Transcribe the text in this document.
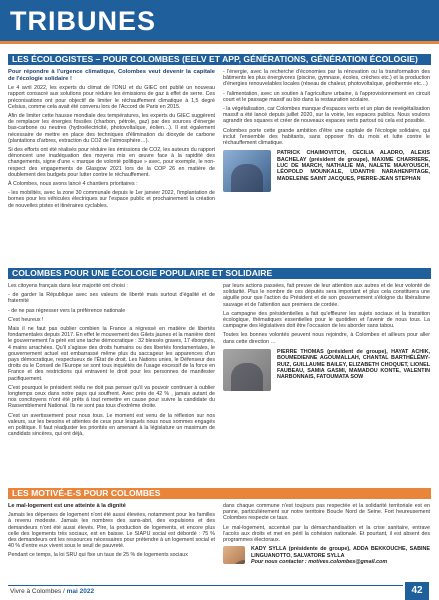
TRIBUNES
LES ÉCOLOGISTES – POUR COLOMBES (EELV ET APP, GÉNÉRATIONS, GÉNÉRATION ÉCOLOGIE)

Pour répondre à l'urgence climatique, Colombes veut devenir la capitale de l'écologie solidaire !

Le 4 avril 2022, les experts du climat de l'ONU et du GIEC ont publié un nouveau rapport consacré aux solutions pour réduire les émissions de gaz à effet de serre. Ces préconisations ont pour objectif de limiter le réchauffement climatique à 1,5 degré Celsius, comme cela avait été convenu lors de l'Accord de Paris en 2015.

Afin de limiter cette hausse mondiale des températures, les experts du GIEC suggèrent de remplacer les énergies fossiles (charbon, pétrole, gaz) par des sources d'énergie bas-carbone ou neutres (hydroélectricité, photovoltaïque, éolien…). Il est également nécessaire de mettre en place des techniques d'élimination du dioxyde de carbone (plantations d'arbres, extraction du CO2 de l'atmosphère…).

Si des efforts ont été réalisés pour réduire les émissions de CO2, les auteurs du rapport dénoncent une inadéquation des moyens mis en œuvre face à la rapidité des changements, signe d'une « marque de volonté politique » avec, pour exemple, le non-respect des engagements de Glasgow 2021 lors de la COP 26 en matière de doublement des budgets pour lutter contre le réchauffement.

À Colombes, nous avons lancé 4 chantiers prioritaires :

- les mobilités, avec la zone 30 communale depuis le 1er janvier 2022, l'implantation de bornes pour les véhicules électriques sur l'espace public et prochainement la création de nouvelles pistes et itinéraires cyclables.

- l'énergie, avec la recherche d'économies par la rénovation ou la transformation des bâtiments les plus énergivores (piscine, gymnase, écoles, crèches etc.) et la production d'énergies renouvelables locales (réseau de chaleur, photovoltaïque, géothermie etc…)

- l'alimentation, avec un soutien à l'agriculture urbaine, à l'approvisionnement en circuit court et le passage massif au bio dans la restauration scolaire.

- la végétalisation, car Colombes manque d'espaces verts et un plan de revégétalisation massif a été lancé depuis juillet 2020, sur la voirie, les espaces publics. Nous voulons agrandir des squares et créer de nouveaux espaces verts partout où cela est possible.

Colombes porte cette grande ambition d'être une capitale de l'écologie solidaire, qui inclut l'ensemble des habitants, sans opposer fin du mois et lutte contre le réchauffement climatique.

PATRICK CHAIMOVITCH, CECILIA ALADRO, ALEXIS BACHELAY (président de groupe), MAXIME CHARRIERE, LUC DE MARCH, NATHALIE MA, NALETE MAAYOUSCH, LÉOPOLD MOUNKALE, UDANTHI NARAHENPITAGE, MADELEINE SAINT JACQUES, PIERRE-JEAN STEPHAN
COLOMBES POUR UNE ÉCOLOGIE POPULAIRE ET SOLIDAIRE

Les citoyens français dans leur majorité ont choisi :

- de garder la République avec ses valeurs de liberté mais surtout d'égalité et de fraternité

- de ne pas régresser vers la préférence nationale

C'est heureux !

Mais il ne faut pas oublier combien la France a régressé en matière de libertés fondamentales depuis 2017. En effet le mouvement des Gilets jaunes et la manière dont le gouvernement l'a géré est une tache démocratique : 32 blessés graves, 17 éborgnés, 4 mains arrachées. Qu'il s'agisse des droits humains ou des libertés fondamentales, le gouvernement actuel est embarrassé même plus du saccageur les apparences d'un pays démocratique, respectueux de l'État de droit. Les Nations unies, le Défenseur des droits ou le Conseil de l'Europe se sont tous inquiétés de l'usage excessif de la force en France et des restrictions qui entravent le droit pour les personnes de manifester pacifiquement.

C'est pourquoi le président réélu ne doit pas penser qu'il va pouvoir continuer à oublier longtemps ceux dans notre pays qui souffrent. Avec près de 42 % , jamais autant de nos concitoyens n'ont été prêts à tout remettre en cause pour suivre la candidate du Rassemblement National. Ils ne sont pas tous d'extrême droite.

C'est un avertissement pour nous tous. Le moment est venu de la réflexion sur nos valeurs, sur les besoins et attentes de ceux pour lesquels nous nous sommes engagés en politique. Il faut réadjuster les priorités en amenant à la législature un maximum de candidats sincères, qui ont déjà,

par leurs actions passées, fait preuve de leur attention aux autres et de leur volonté de solidarité. Plus le nombre de ces députés sera important et plus cela constituera une aiguille pour que l'action du Président et de son gouvernement s'éloigne du libéralisme sauvage et de l'attention aux premiers de cordée.

La campagne des présidentielles a fait qu'effleurer les sujets sociaux et la transition écologique, thématiques essentielles pour le quotidien et l'avenir de nous tous. La campagne des législatives doit être l'occasion de les aborder sans tabou.

Toutes les bonnes volontés peuvent nous rejoindre, à Colombes et ailleurs pour aller dans cette direction …

PIERRE THOMAS (président de groupe), HAYAT ACHIK, BOUMEDIENNE AGOUMALLAH, CHANTAL BARTHÉLÉMY-RUIZ, GUILLAUME BAILEY, ELIZABETH CHOQUET, LIONEL FAUBEAU, SAMIA GASMI, MAMADOU KONTE, VALENTIN NARBONNAIS, FATOUMATA SOW
LES MOTIVÉ-E-S POUR COLOMBES

Le mal-logement est une atteinte à la dignité

Jamais les dépenses de logement n'ont été aussi élevées, notamment pour les familles à revenu modeste. Jamais les nombres des sans-abri, des expulsions et des demandeurs n'ont été aussi élevés. Pire, la production de logements, et encore plus celle des logements très sociaux, est en baisse. Le SIAPU social est débordé : 75 % des demandeurs ont les ressources nécessaires pour prétendre à un logement social et 40 % d'entre eux vivent sous le seuil de pauvreté.

Pendant ce temps, la loi SRU qui fixe un taux de 25 % de logements sociaux

dans chaque commune n'est toujours pas respectée et la solidarité territoriale est en panne, particulièrement sur notre territoire Boucle Nord de Seine. Fort heureusement Colombes respecte ce taux.

Le mal-logement, accentué par la démarchandisation et la crise sanitaire, entrave l'accès aux droits et met en péril la cohésion nationale. Et pourtant, il est absent des programmes électoraux.

KADY SYLLA (présidente de groupe), ADDA BEKKOUCHE, SABINE LINGUANOTTO, SALVATORE SYLLA
Pour nous contacter : motives.colombes@gmail.com
Vivre à Colombes / mai 2022	42
